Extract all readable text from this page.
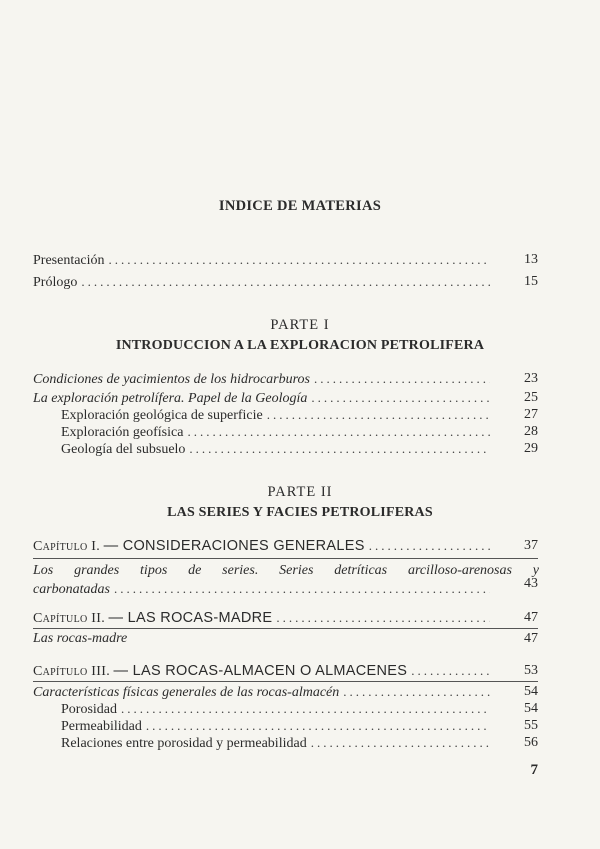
INDICE DE MATERIAS
Presentación .....	13
Prólogo .....	15
PARTE I
INTRODUCCION A LA EXPLORACION PETROLIFERA
Condiciones de yacimientos de los hidrocarburos .....	23
La exploración petrolífera. Papel de la Geología .....	25
Exploración geológica de superficie .....	27
Exploración geofísica .....	28
Geología del subsuelo .....	29
PARTE II
LAS SERIES Y FACIES PETROLIFERAS
Capítulo I. — CONSIDERACIONES GENERALES .....	37
Los grandes tipos de series. Series detríticas arcilloso-arenosas y
carbonatadas .....	43
Capítulo II. — LAS ROCAS-MADRE .....	47
Las rocas-madre	47
Capítulo III. — LAS ROCAS-ALMACEN O ALMACENES .....	53
Características físicas generales de las rocas-almacén .....	54
Porosidad .....	54
Permeabilidad .....	55
Relaciones entre porosidad y permeabilidad .....	56
7
